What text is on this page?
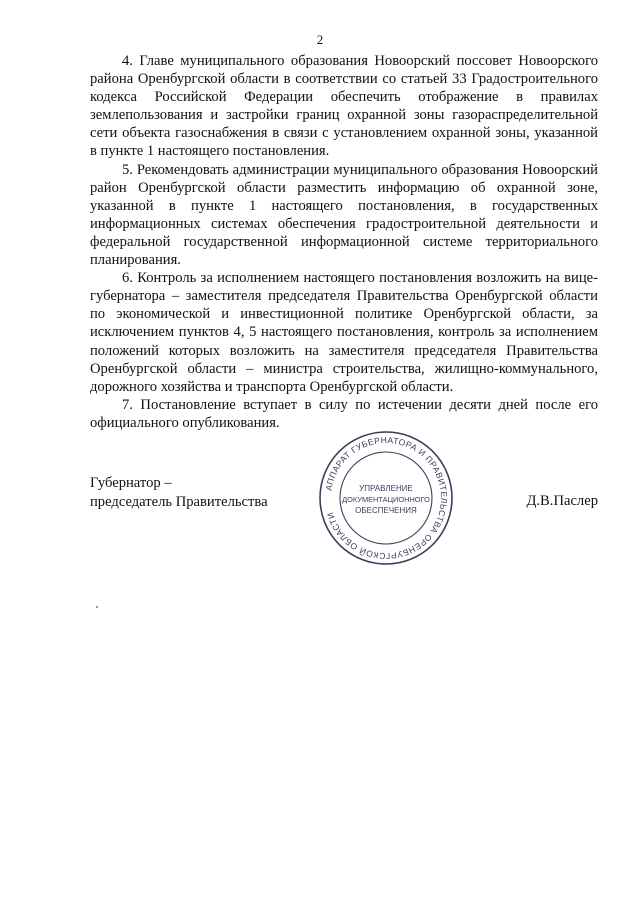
2

4. Главе муниципального образования Новоорский поссовет Новоорского района Оренбургской области в соответствии со статьей 33 Градостроительного кодекса Российской Федерации обеспечить отображение в правилах землепользования и застройки границ охранной зоны газораспределительной сети объекта газоснабжения в связи с установлением охранной зоны, указанной в пункте 1 настоящего постановления.

5. Рекомендовать администрации муниципального образования Новоорский район Оренбургской области разместить информацию об охранной зоне, указанной в пункте 1 настоящего постановления, в государственных информационных системах обеспечения градостроительной деятельности и федеральной государственной информационной системе территориального планирования.

6. Контроль за исполнением настоящего постановления возложить на вице-губернатора – заместителя председателя Правительства Оренбургской области по экономической и инвестиционной политике Оренбургской области, за исключением пунктов 4, 5 настоящего постановления, контроль за исполнением положений которых возложить на заместителя председателя Правительства Оренбургской области – министра строительства, жилищно-коммунального, дорожного хозяйства и транспорта Оренбургской области.

7. Постановление вступает в силу по истечении десяти дней после его официального опубликования.

Губернатор –
председатель Правительства
АППАРАТ ГУБЕРНАТОРА И ПРАВИТЕЛЬСТВА ОРЕНБУРГСКОЙ ОБЛАСТИ
УПРАВЛЕНИЕ
ДОКУМЕНТАЦИОННОГО
ОБЕСПЕЧЕНИЯ
Д.В.Паслер
